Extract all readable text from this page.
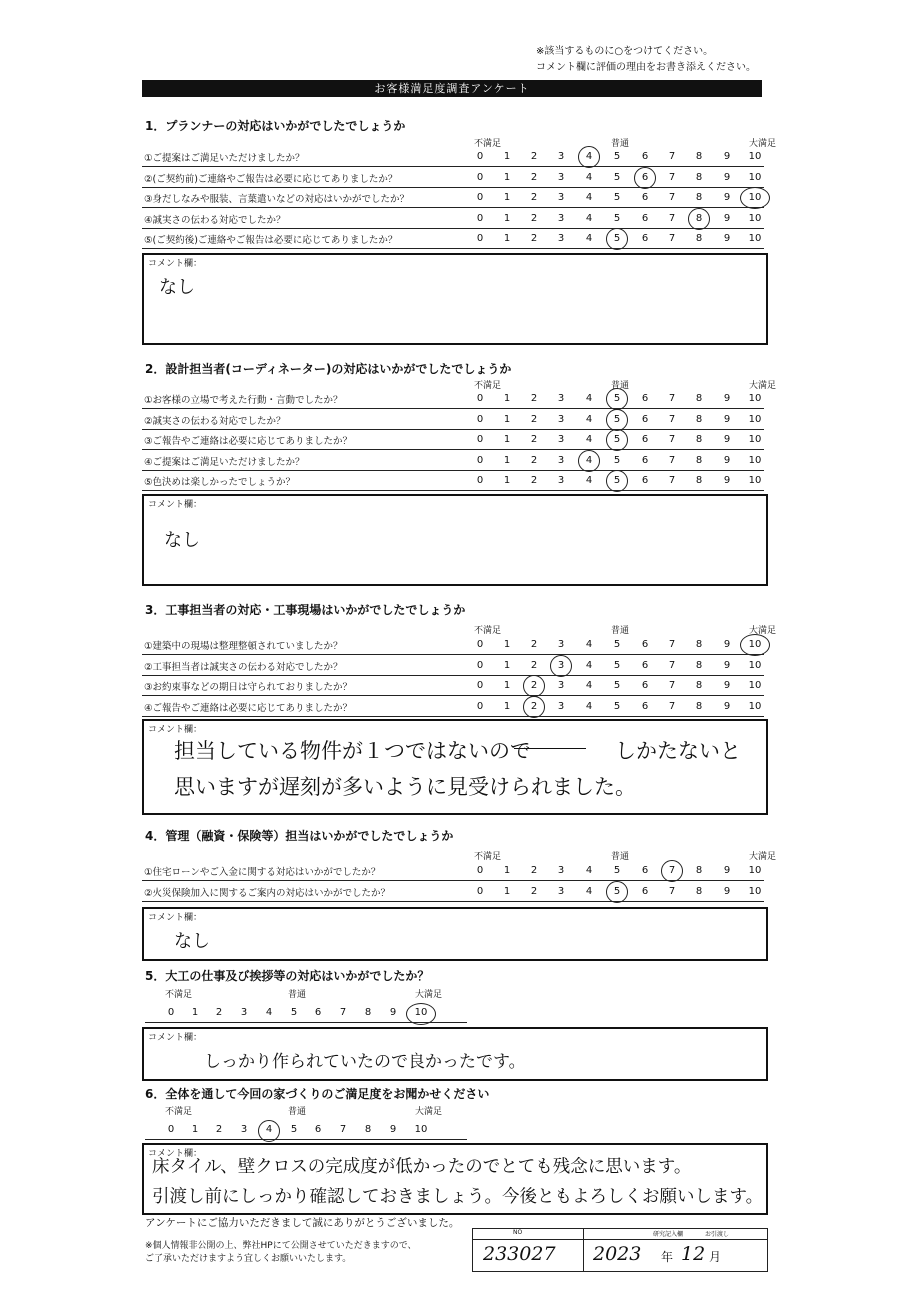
※該当するものに○をつけてください。
コメント欄に評価の理由をお書き添えください。
お客様満足度調査アンケート
1．プランナーの対応はいかがでしたでしょうか
不満足	普通	大満足
①ご提案はご満足いただけましたか？	0	1	2	3	4	5	6	7	8	9	10
②(ご契約前)ご連絡やご報告は必要に応じてありましたか？	0	1	2	3	4	5	6	7	8	9	10
③身だしなみや服装、言葉遣いなどの対応はいかがでしたか？	0	1	2	3	4	5	6	7	8	9	10
④誠実さの伝わる対応でしたか？	0	1	2	3	4	5	6	7	8	9	10
⑤(ご契約後)ご連絡やご報告は必要に応じてありましたか？	0	1	2	3	4	5	6	7	8	9	10
コメント欄：
なし
2．設計担当者(コーディネーター)の対応はいかがでしたでしょうか
不満足	普通	大満足
①お客様の立場で考えた行動・言動でしたか？	0	1	2	3	4	5	6	7	8	9	10
②誠実さの伝わる対応でしたか？	0	1	2	3	4	5	6	7	8	9	10
③ご報告やご連絡は必要に応じてありましたか？	0	1	2	3	4	5	6	7	8	9	10
④ご提案はご満足いただけましたか？	0	1	2	3	4	5	6	7	8	9	10
⑤色決めは楽しかったでしょうか？	0	1	2	3	4	5	6	7	8	9	10
コメント欄：
なし
3．工事担当者の対応・工事現場はいかがでしたでしょうか
不満足	普通	大満足
①建築中の現場は整理整頓されていましたか？	0	1	2	3	4	5	6	7	8	9	10
②工事担当者は誠実さの伝わる対応でしたか？	0	1	2	3	4	5	6	7	8	9	10
③お約束事などの期日は守られておりましたか？	0	1	2	3	4	5	6	7	8	9	10
④ご報告やご連絡は必要に応じてありましたか？	0	1	2	3	4	5	6	7	8	9	10
コメント欄：
担当している物件が１つではないので　　　　しかたないと
思いますが遅刻が多いように見受けられました。
4．管理（融資・保険等）担当はいかがでしたでしょうか
不満足	普通	大満足
①住宅ローンやご入金に関する対応はいかがでしたか？	0	1	2	3	4	5	6	7	8	9	10
②火災保険加入に関するご案内の対応はいかがでしたか？	0	1	2	3	4	5	6	7	8	9	10
コメント欄：
なし
5．大工の仕事及び挨拶等の対応はいかがでしたか？
不満足	普通	大満足
0	1	2	3	4	5	6	7	8	9	10
コメント欄：
しっかり作られていたので良かったです。
6．全体を通して今回の家づくりのご満足度をお聞かせください
不満足	普通	大満足
0	1	2	3	4	5	6	7	8	9	10
コメント欄：
床タイル、壁クロスの完成度が低かったのでとても残念に思います。
引渡し前にしっかり確認しておきましょう。今後ともよろしくお願いします。
アンケートにご協力いただきまして誠にありがとうございました。
※個人情報非公開の上、弊社HPにて公開させていただきますので、
ご了承いただけますよう宜しくお願いいたします。
NO	研究記入欄	お引渡し
233027 2023 年 12 月
